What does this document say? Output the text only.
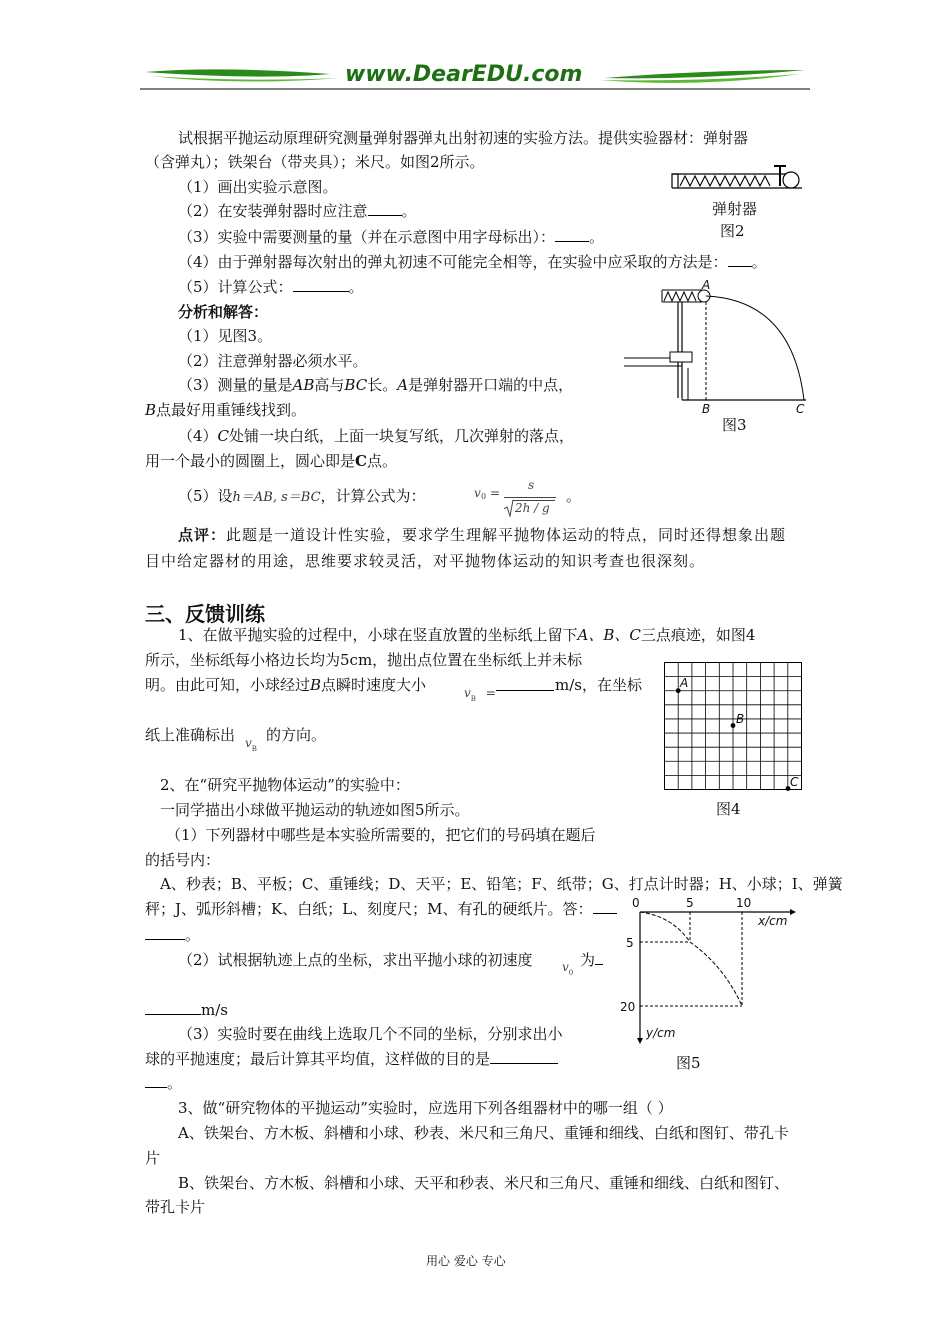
www.DearEDU.com
试根据平抛运动原理研究测量弹射器弹丸出射初速的实验方法。提供实验器材：弹射器
（含弹丸）；铁架台（带夹具）；米尺。如图2所示。
（1）画出实验示意图。
（2）在安装弹射器时应注意 。
（3）实验中需要测量的量（并在示意图中用字母标出）： 。
（4）由于弹射器每次射出的弹丸初速不可能完全相等，在实验中应采取的方法是： 。
（5）计算公式：	。
弹射器
图2
分析和解答：
（1）见图3。
（2）注意弹射器必须水平。
（3）测量的量是AB高与BC长。A是弹射器开口端的中点，
B点最好用重锤线找到。
（4）C处铺一块白纸，上面一块复写纸，几次弹射的落点，
用一个最小的圆圈上，圆心即是C点。
（5）设h＝AB, s＝BC，计算公式为：	v 0 =
s
2h / g
。
A
B	C
图3
点评：此题是一道设计性实验，要求学生理解平抛物体运动的特点，同时还得想象出题
目中给定器材的用途，思维要求较灵活，对平抛物体运动的知识考查也很深刻。
三、反馈训练
1、在做平抛实验的过程中，小球在竖直放置的坐标纸上留下A、B、C三点痕迹，如图4
所示，坐标纸每小格边长均为5cm，抛出点位置在坐标纸上并未标
明。由此可知，小球经过B点瞬时速度大小	$v_B$ =	m/s，在坐标
纸上准确标出 $v_B$
的方向。
A
B
C
图4
2、在“研究平抛物体运动”的实验中：
一同学描出小球做平抛运动的轨迹如图5所示。
（1）下列器材中哪些是本实验所需要的，把它们的号码填在题后
的括号内：
A、秒表；B、平板；C、重锤线；D、天平；E、铅笔；F、纸带；G、打点计时器；H、小球；I、弹簧
秤；J、弧形斜槽；K、白纸；L、刻度尺；M、有孔的硬纸片。答：
。
（2）试根据轨迹上点的坐标，求出平抛小球的初速度 $v_0$
为
m/s
（3）实验时要在曲线上选取几个不同的坐标，分别求出小
球的平抛速度；最后计算其平均值，这样做的目的是
。
0	5	10
x/cm
5
20
y/cm
图5
3、做“研究物体的平抛运动”实验时，应选用下列各组器材中的哪一组（ ）
A、铁架台、方木板、斜槽和小球、秒表、米尺和三角尺、重锤和细线、白纸和图钉、带孔卡
片
B、铁架台、方木板、斜槽和小球、天平和秒表、米尺和三角尺、重锤和细线、白纸和图钉、
带孔卡片
用心 爱心 专心
